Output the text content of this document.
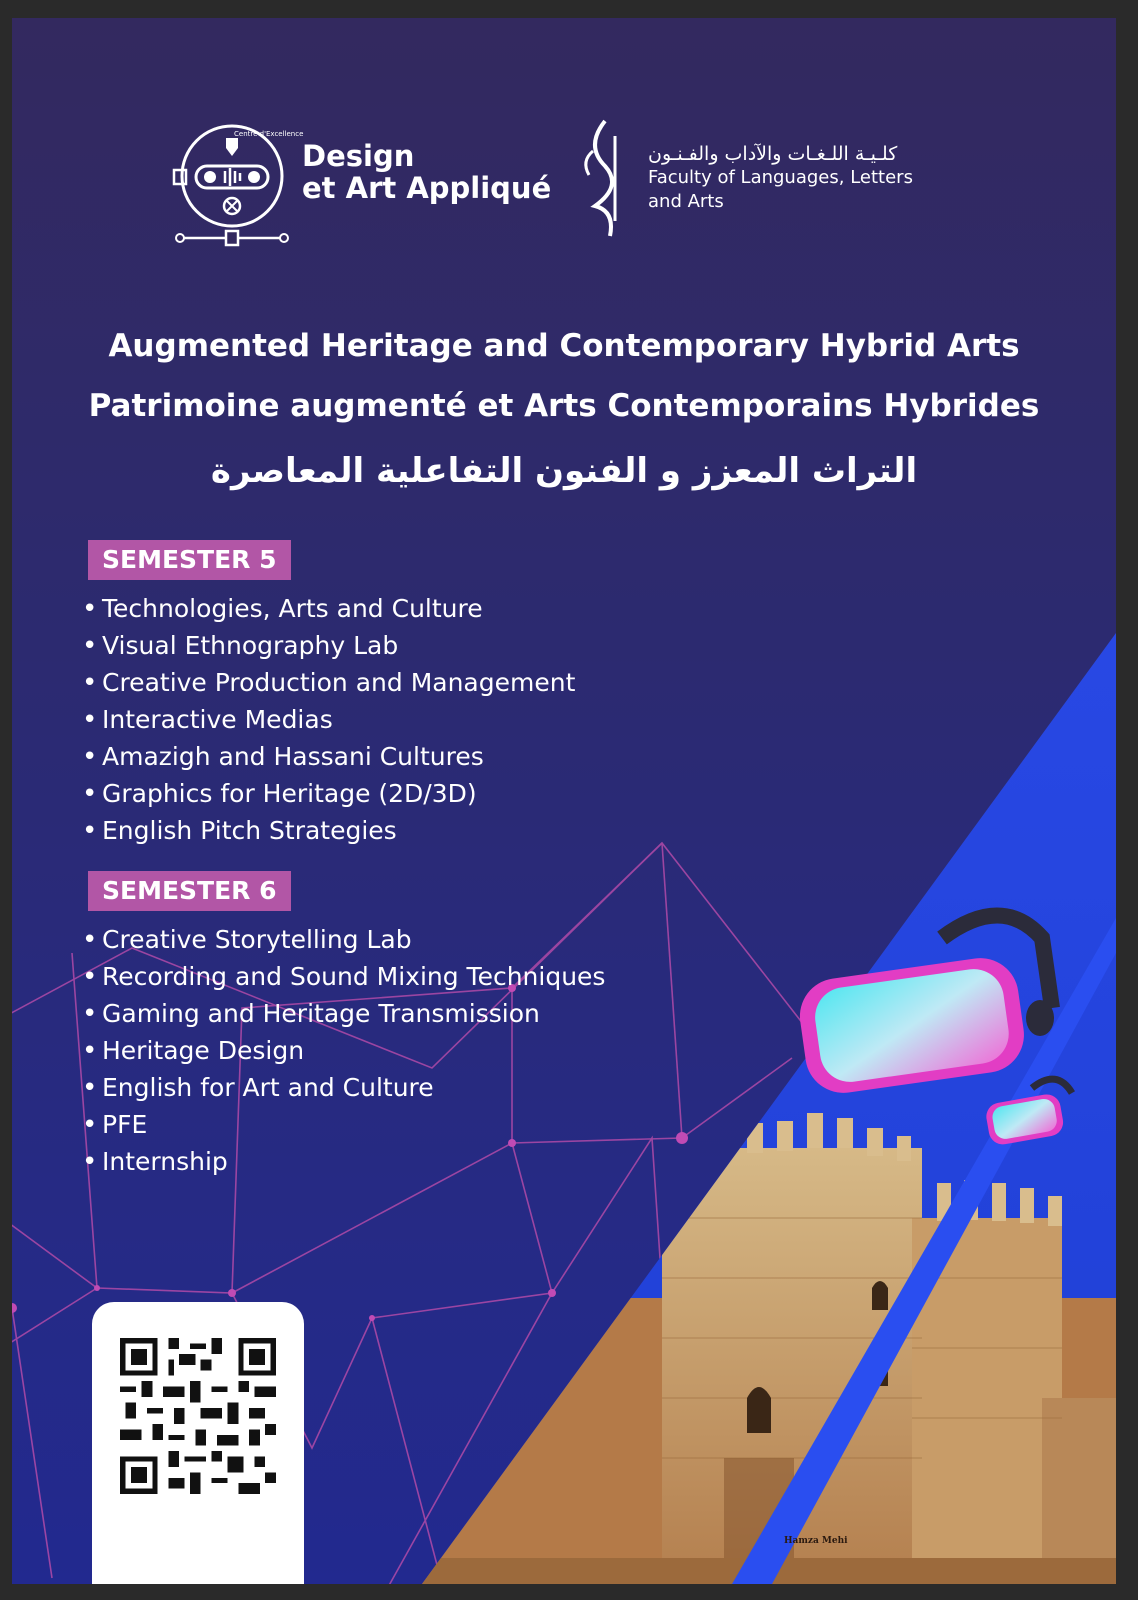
Centre d'Excellence
Design
et Art Appliqué
كلـيـة اللـغـات والآداب والفـنـون
Faculty of Languages, Letters
and Arts
Augmented Heritage and Contemporary Hybrid Arts
Patrimoine augmenté et Arts Contemporains Hybrides
التراث المعزز و الفنون التفاعلية المعاصرة
SEMESTER 5
• Technologies, Arts and Culture
• Visual Ethnography Lab
• Creative Production and Management
• Interactive Medias
• Amazigh and Hassani Cultures
• Graphics for Heritage (2D/3D)
• English Pitch Strategies
SEMESTER 6
• Creative Storytelling Lab
• Recording and Sound Mixing Techniques
• Gaming and Heritage Transmission
• Heritage Design
• English for Art and Culture
• PFE
• Internship
Hamza Mehi
